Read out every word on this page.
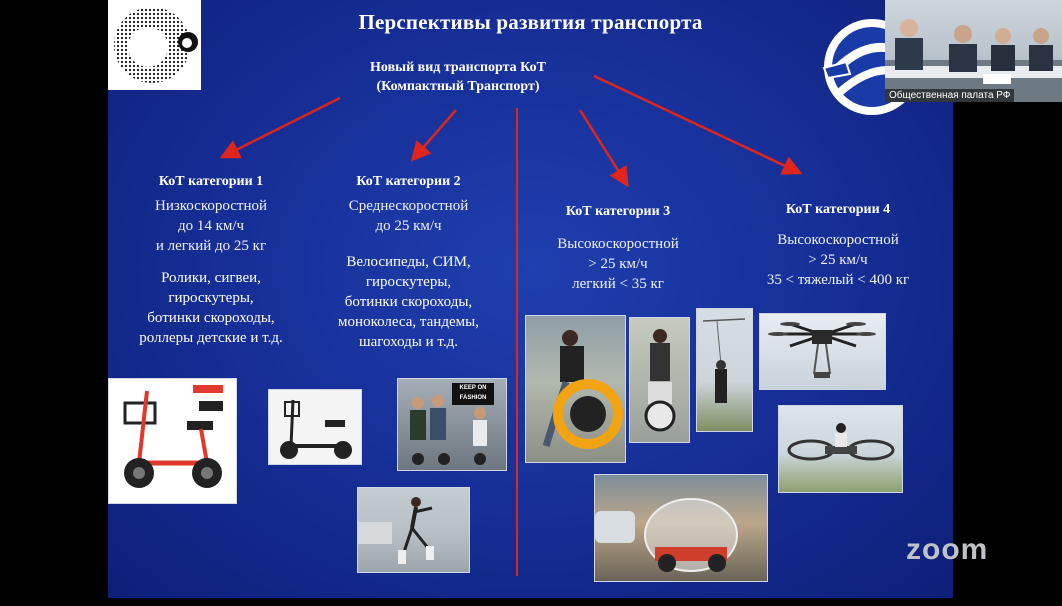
Перспективы развития транспорта
Новый вид транспорта КоТ
(Компактный Транспорт)
КоТ категории 1
Низкоскоростной
до 14 км/ч
и легкий до 25 кг
Ролики, сигвеи,
гироскутеры,
ботинки скороходы,
роллеры детские и т.д.
КоТ категории 2
Среднескоростной
до 25 км/ч
Велосипеды, СИМ,
гироскутеры,
ботинки скороходы,
моноколеса, тандемы,
шагоходы и т.д.
КоТ категории 3
Высокоскоростной
> 25 км/ч
легкий < 35 кг
КоТ категории 4
Высокоскоростной
> 25 км/ч
35 < тяжелый < 400 кг
KEEP ON
FASHION
Общественная палата РФ
zoom
